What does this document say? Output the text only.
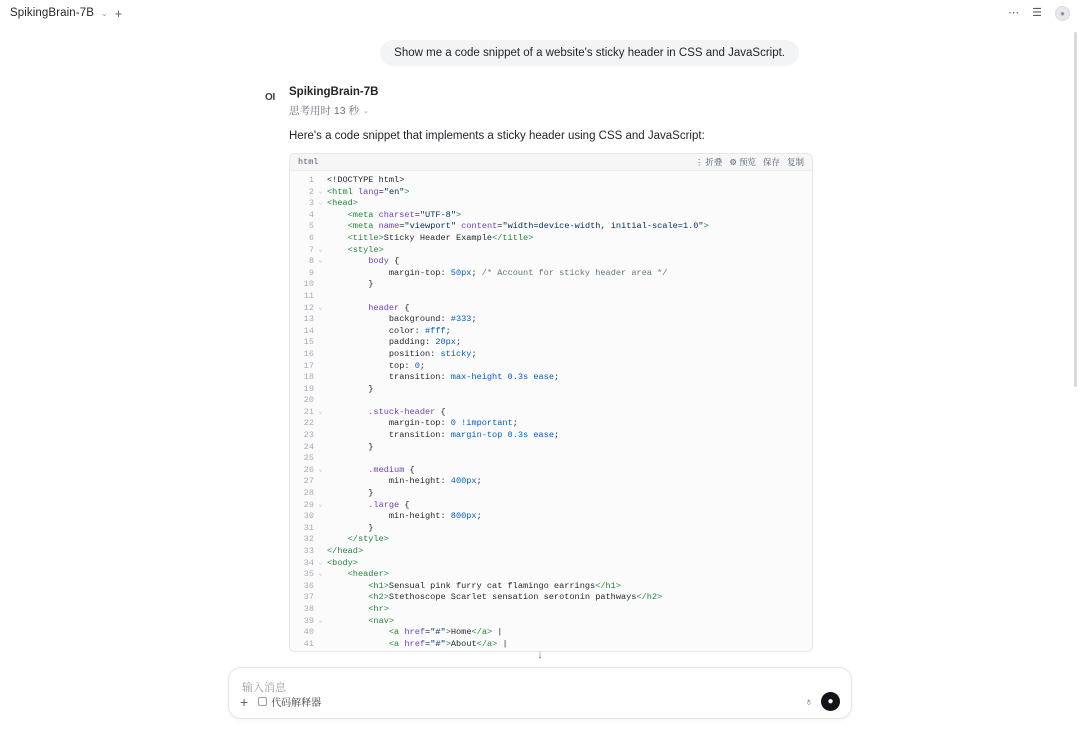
SpikingBrain-7B ⌄ +	⋯ ☰	●
Show me a code snippet of a website's sticky header in CSS and JavaScript.
OI SpikingBrain-7B
思考用时 13 秒 ⌄
Here's a code snippet that implements a sticky header using CSS and JavaScript:
html	⋮ 折叠 ⚙ 预览 保存 复制
1 <!DOCTYPE html>
2 ⌄ <html lang="en">
3 ⌄ <head>
4	<meta charset="UTF-8">
5	<meta name="viewport" content="width=device-width, initial-scale=1.0">
6	<title>Sticky Header Example</title>
7 ⌄	<style>
8 ⌄	body {
9	margin-top: 50px; /* Account for sticky header area */
10	}
11
12 ⌄	header {
13	background: #333;
14	color: #fff;
15	padding: 20px;
16	position: sticky;
17	top: 0;
18	transition: max-height 0.3s ease;
19	}
20
21 ⌄	.stuck-header {
22	margin-top: 0 !important;
23	transition: margin-top 0.3s ease;
24	}
25
26 ⌄	.medium {
27	min-height: 400px;
28	}
29 ⌄	.large {
30	min-height: 800px;
31	}
32	</style>
33 </head>
34 ⌄ <body>
35 ⌄	<header>
36	<h1>Sensual pink furry cat flamingo earrings</h1>
37	<h2>Stethoscope Scarlet sensation serotonin pathways</h2>
38	<hr>
39 ⌄	<nav>
40	<a href="#">Home</a> |
41	<a href="#">About</a> |

↓
输入消息
+ 代码解释器	♁	●
